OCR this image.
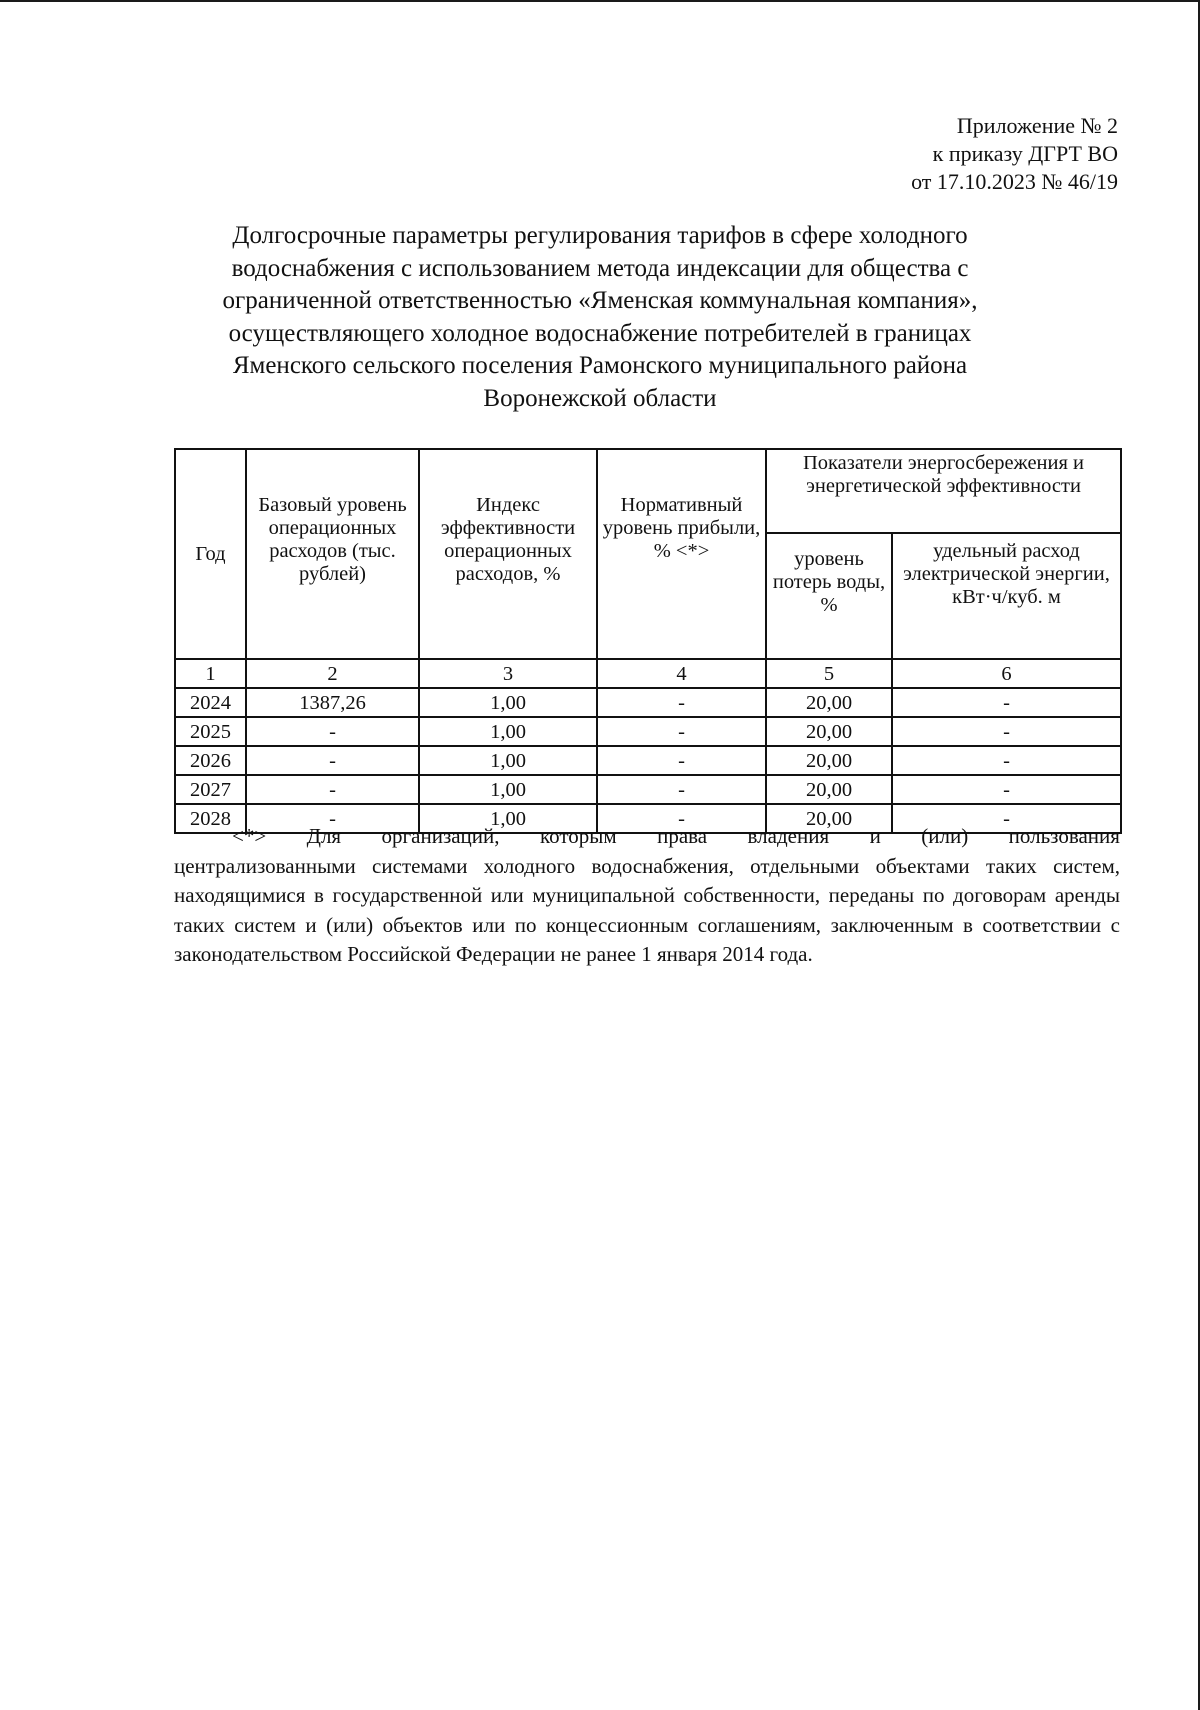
Приложение № 2
к приказу ДГРТ ВО
от 17.10.2023 № 46/19
Долгосрочные параметры регулирования тарифов в сфере холодного
водоснабжения с использованием метода индексации для общества с
ограниченной ответственностью «Яменская коммунальная компания»,
осуществляющего холодное водоснабжение потребителей в границах
Яменского сельского поселения Рамонского муниципального района
Воронежской области
Год	Базовый уровень операционных расходов (тыс. рублей)	Индекс эффективности операционных расходов, %	Нормативный уровень прибыли, % <*>	Показатели энергосбережения и энергетической эффективности	
				уровень потерь воды, %	удельный расход электрической энергии, кВт·ч/куб. м
1	2	3	4	5	6
2024	1387,26	1,00	-	20,00	-
2025	-	1,00	-	20,00	-
2026	-	1,00	-	20,00	-
2027	-	1,00	-	20,00	-
2028	-	1,00	-	20,00	-
<*> Для организаций, которым права владения и (или) пользования
централизованными системами холодного водоснабжения, отдельными объектами таких систем, находящимися в государственной или муниципальной собственности, переданы по договорам аренды таких систем и (или) объектов или по концессионным соглашениям, заключенным в соответствии с законодательством Российской Федерации не ранее 1 января 2014 года.
